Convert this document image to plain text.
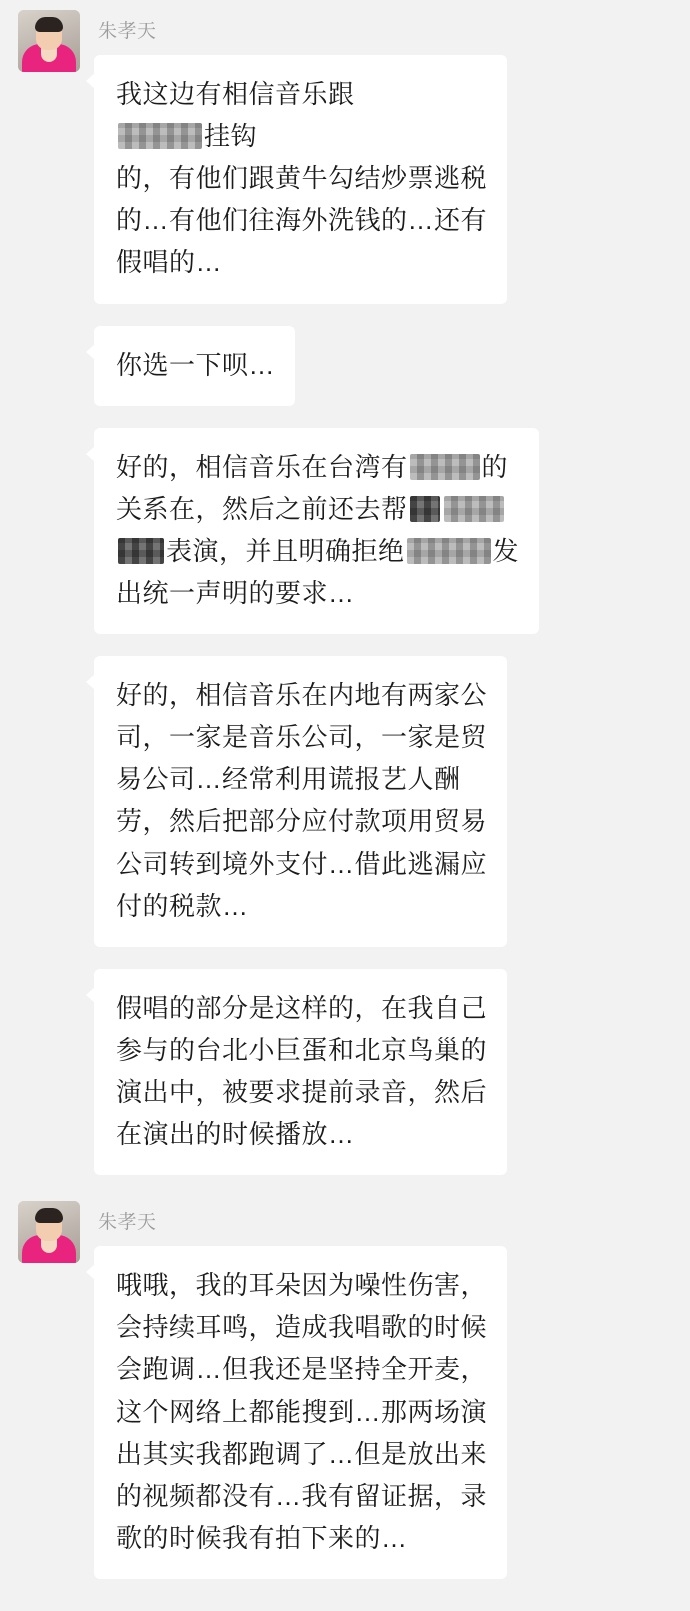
朱孝天
我这边有相信音乐跟
挂钩
的，有他们跟黄牛勾结炒票逃税
的…有他们往海外洗钱的…还有
假唱的…
你选一下呗…
好的，相信音乐在台湾有	的
关系在，然后之前还去帮
表演，并且明确拒绝	发
出统一声明的要求…
好的，相信音乐在内地有两家公
司，一家是音乐公司，一家是贸
易公司…经常利用谎报艺人酬
劳，然后把部分应付款项用贸易
公司转到境外支付…借此逃漏应
付的税款…
假唱的部分是这样的，在我自己
参与的台北小巨蛋和北京鸟巢的
演出中，被要求提前录音，然后
在演出的时候播放…
朱孝天
哦哦，我的耳朵因为噪性伤害，
会持续耳鸣，造成我唱歌的时候
会跑调…但我还是坚持全开麦，
这个网络上都能搜到…那两场演
出其实我都跑调了…但是放出来
的视频都没有…我有留证据，录
歌的时候我有拍下来的…
